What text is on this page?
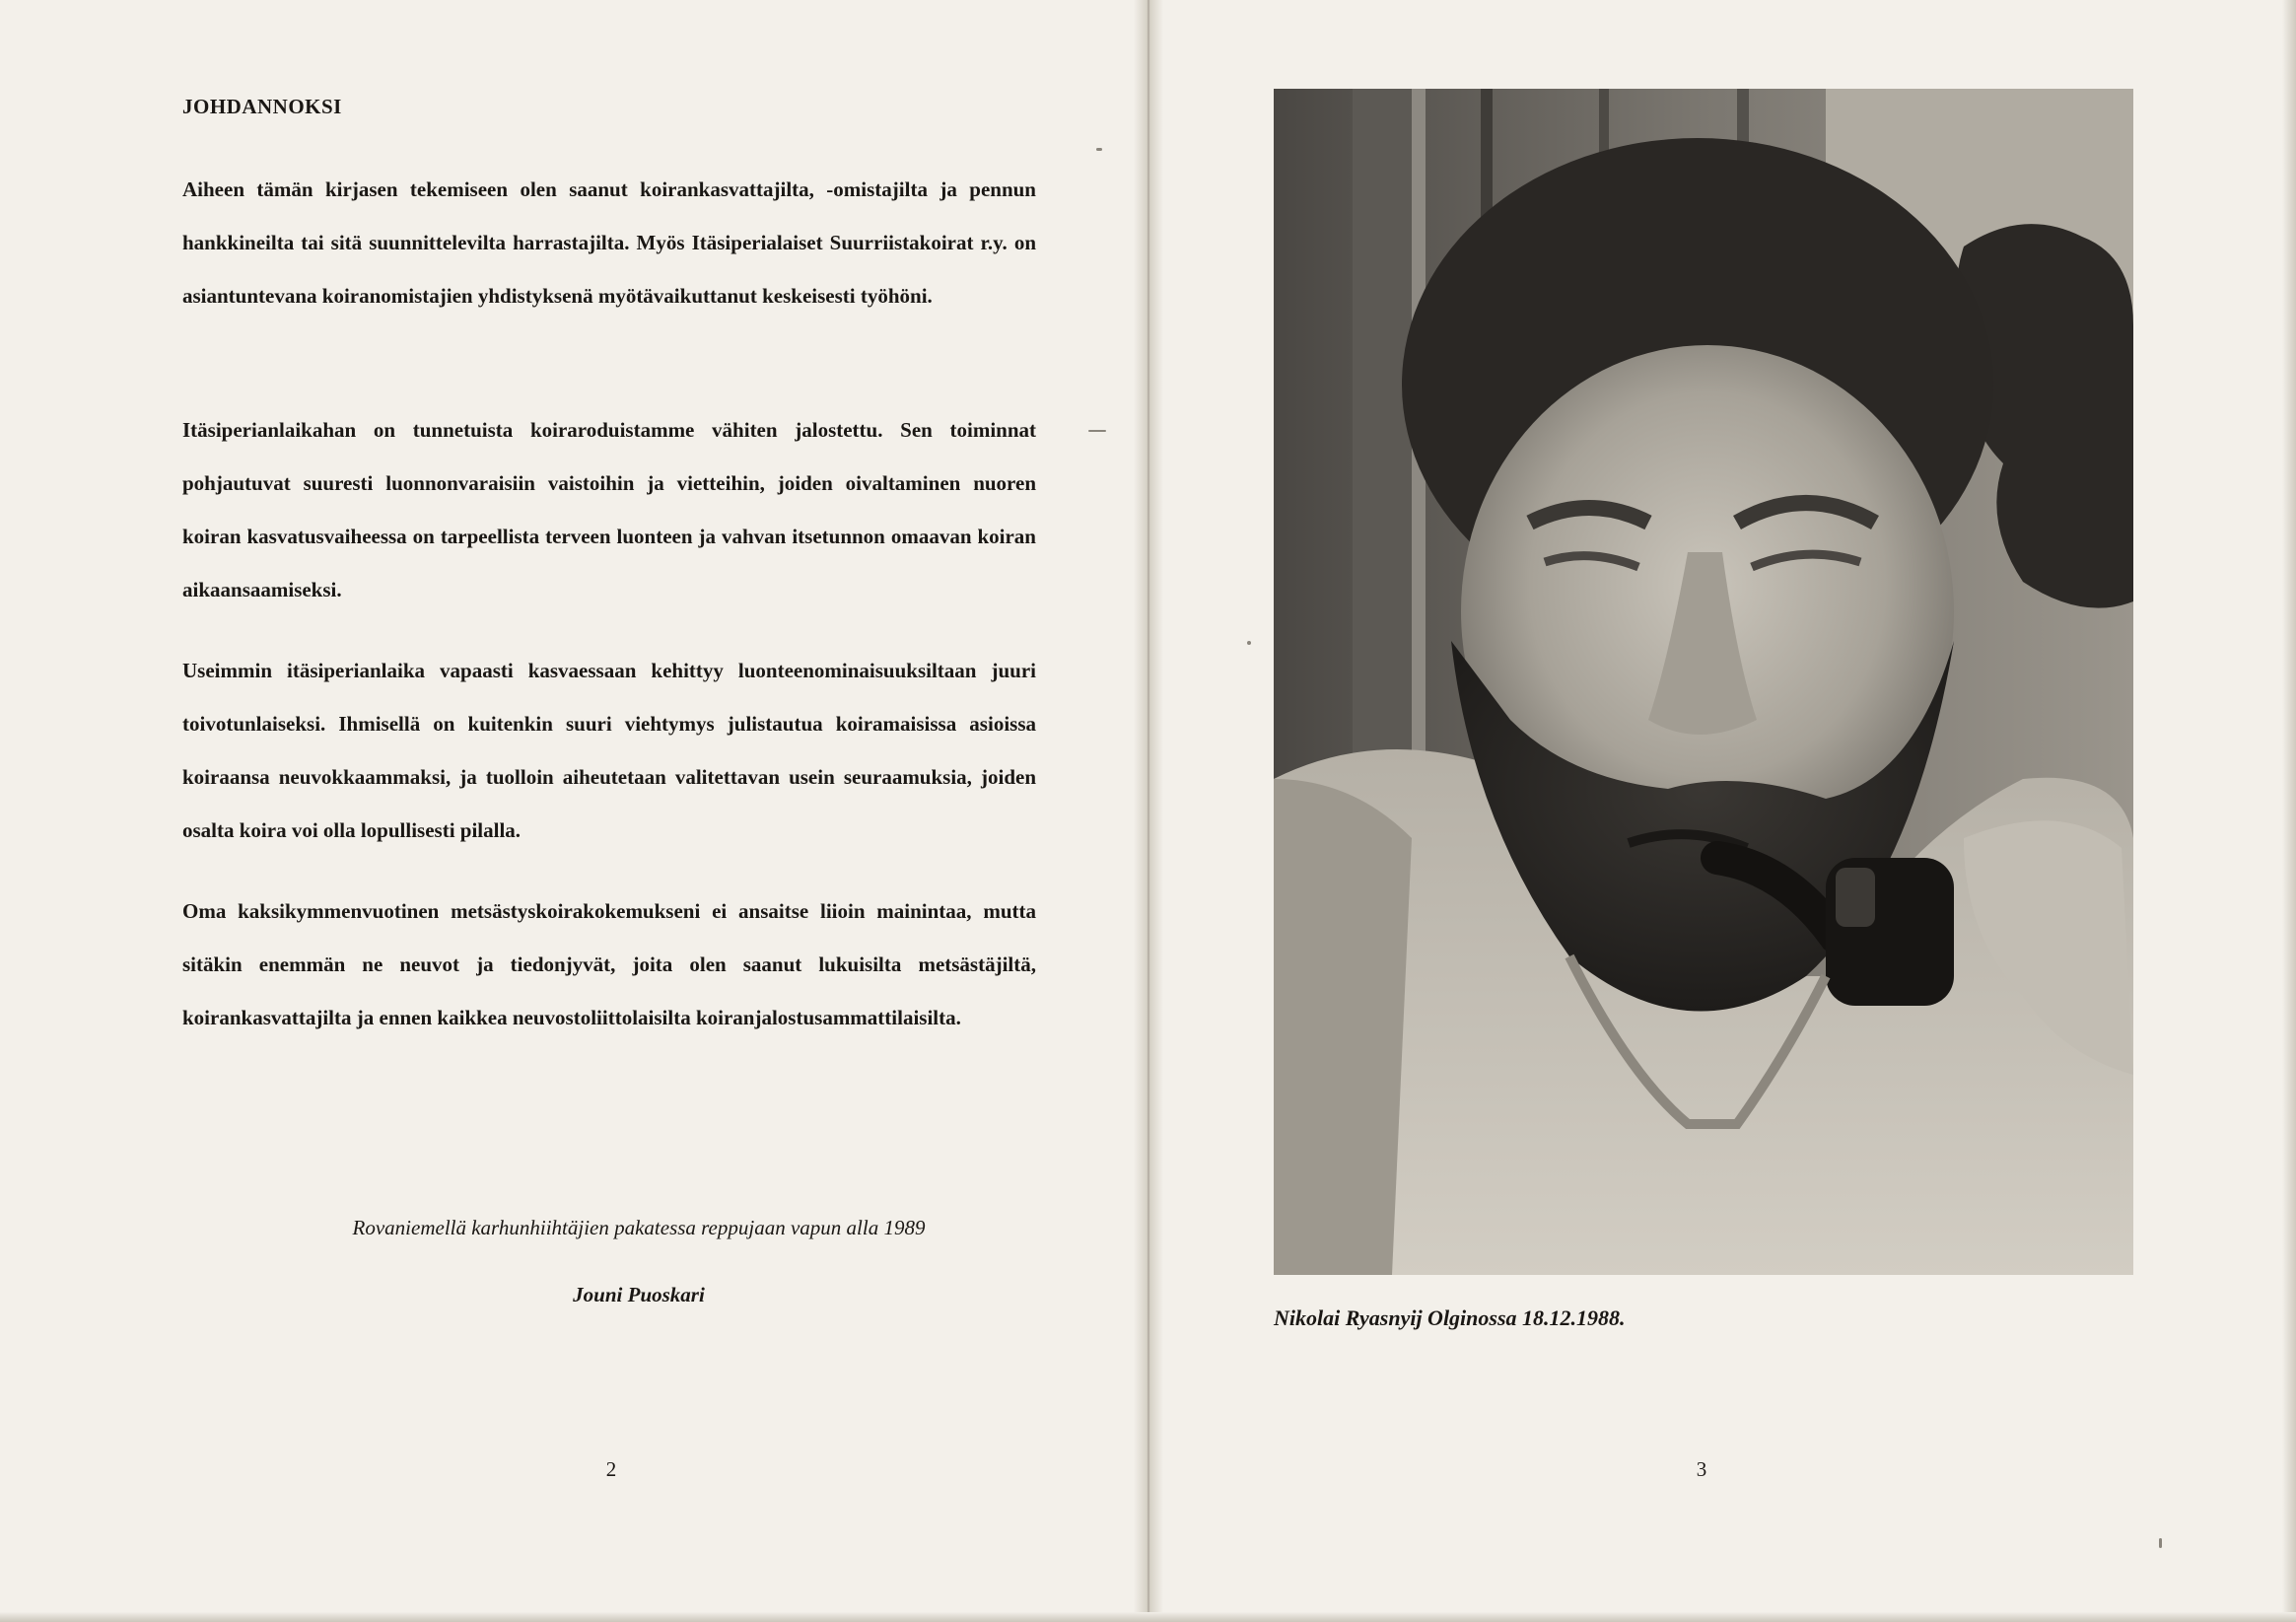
JOHDANNOKSI

Aiheen tämän kirjasen tekemiseen olen saanut koirankasvattajilta, -omistajilta ja pennun hankkineilta tai sitä suunnittelevilta harrastajilta. Myös Itäsiperialaiset Suurriistakoirat r.y. on asiantuntevana koiranomistajien yhdistyksenä myötävaikuttanut keskeisesti työhöni.

Itäsiperianlaikahan on tunnetuista koiraroduistamme vähiten jalostettu. Sen toiminnat pohjautuvat suuresti luonnonvaraisiin vaistoihin ja vietteihin, joiden oivaltaminen nuoren koiran kasvatusvaiheessa on tarpeellista terveen luonteen ja vahvan itsetunnon omaavan koiran aikaansaamiseksi.

Useimmin itäsiperianlaika vapaasti kasvaessaan kehittyy luonteenominaisuuksiltaan juuri toivotunlaiseksi. Ihmisellä on kuitenkin suuri viehtymys julistautua koiramaisissa asioissa koiraansa neuvokkaammaksi, ja tuolloin aiheutetaan valitettavan usein seuraamuksia, joiden osalta koira voi olla lopullisesti pilalla.

Oma kaksikymmenvuotinen metsästyskoirakokemukseni ei ansaitse liioin mainintaa, mutta sitäkin enemmän ne neuvot ja tiedonjyvät, joita olen saanut lukuisilta metsästäjiltä, koirankasvattajilta ja ennen kaikkea neuvostoliittolaisilta koiranjalostusammattilaisilta.

Rovaniemellä karhunhiihtäjien pakatessa reppujaan vapun alla 1989
Jouni Puoskari
2
Nikolai Ryasnyij Olginossa 18.12.1988.
3
